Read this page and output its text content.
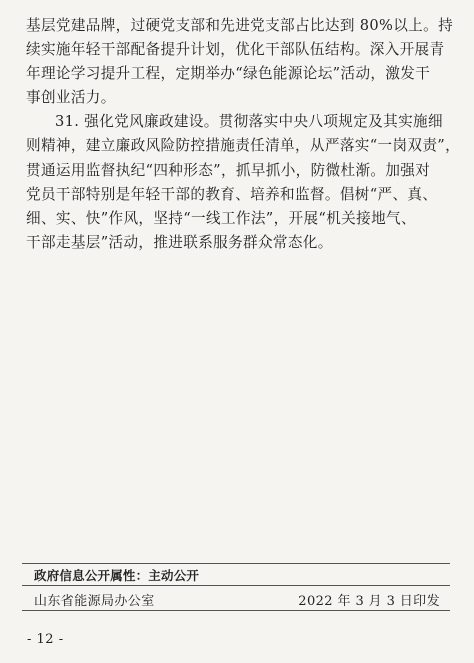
基层党建品牌，过硬党支部和先进党支部占比达到 80%以上。持
续实施年轻干部配备提升计划，优化干部队伍结构。深入开展青
年理论学习提升工程，定期举办“绿色能源论坛”活动，激发干
事创业活力。

31. 强化党风廉政建设。贯彻落实中央八项规定及其实施细
则精神，建立廉政风险防控措施责任清单，从严落实“一岗双责”，
贯通运用监督执纪“四种形态”，抓早抓小，防微杜渐。加强对
党员干部特别是年轻干部的教育、培养和监督。倡树“严、真、
细、实、快”作风，坚持“一线工作法”，开展“机关接地气、
干部走基层”活动，推进联系服务群众常态化。

政府信息公开属性：主动公开
山东省能源局办公室	2022 年 3 月 3 日印发
- 12 -
